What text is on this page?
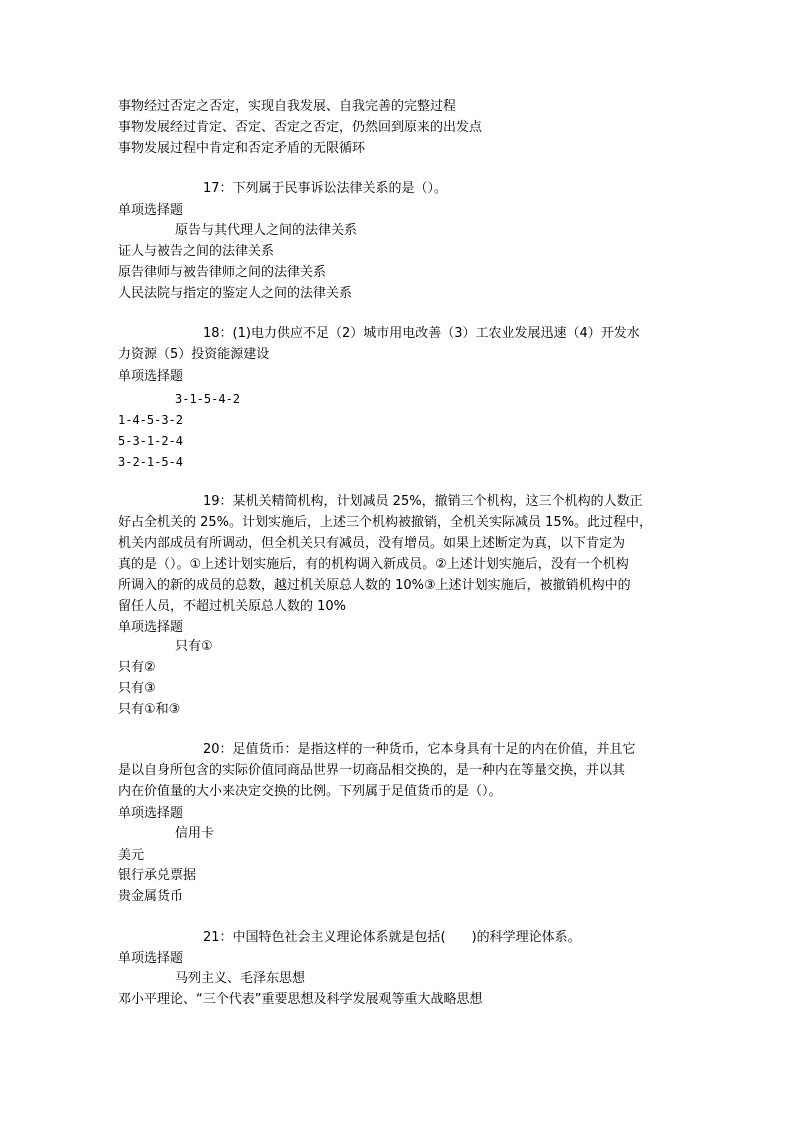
事物经过否定之否定，实现自我发展、自我完善的完整过程
事物发展经过肯定、否定、否定之否定，仍然回到原来的出发点
事物发展过程中肯定和否定矛盾的无限循环
17：下列属于民事诉讼法律关系的是（）。
单项选择题
原告与其代理人之间的法律关系
证人与被告之间的法律关系
原告律师与被告律师之间的法律关系
人民法院与指定的鉴定人之间的法律关系
18：(1)电力供应不足（2）城市用电改善（3）工农业发展迅速（4）开发水
力资源（5）投资能源建设
单项选择题
3-1-5-4-2
1-4-5-3-2
5-3-1-2-4
3-2-1-5-4
19：某机关精简机构，计划减员 25%，撤销三个机构，这三个机构的人数正
好占全机关的 25%。计划实施后，上述三个机构被撤销，全机关实际减员 15%。此过程中，
机关内部成员有所调动，但全机关只有减员，没有增员。如果上述断定为真，以下肯定为
真的是（）。①上述计划实施后，有的机构调入新成员。②上述计划实施后，没有一个机构
所调入的新的成员的总数，越过机关原总人数的 10%③上述计划实施后，被撤销机构中的
留任人员，不超过机关原总人数的 10%
单项选择题
只有①
只有②
只有③
只有①和③
20：足值货币：是指这样的一种货币，它本身具有十足的内在价值，并且它
是以自身所包含的实际价值同商品世界一切商品相交换的，是一种内在等量交换，并以其
内在价值量的大小来决定交换的比例。下列属于足值货币的是（）。
单项选择题
信用卡
美元
银行承兑票据
贵金属货币
21：中国特色社会主义理论体系就是包括(　　)的科学理论体系。
单项选择题
马列主义、毛泽东思想
邓小平理论、“三个代表”重要思想及科学发展观等重大战略思想
